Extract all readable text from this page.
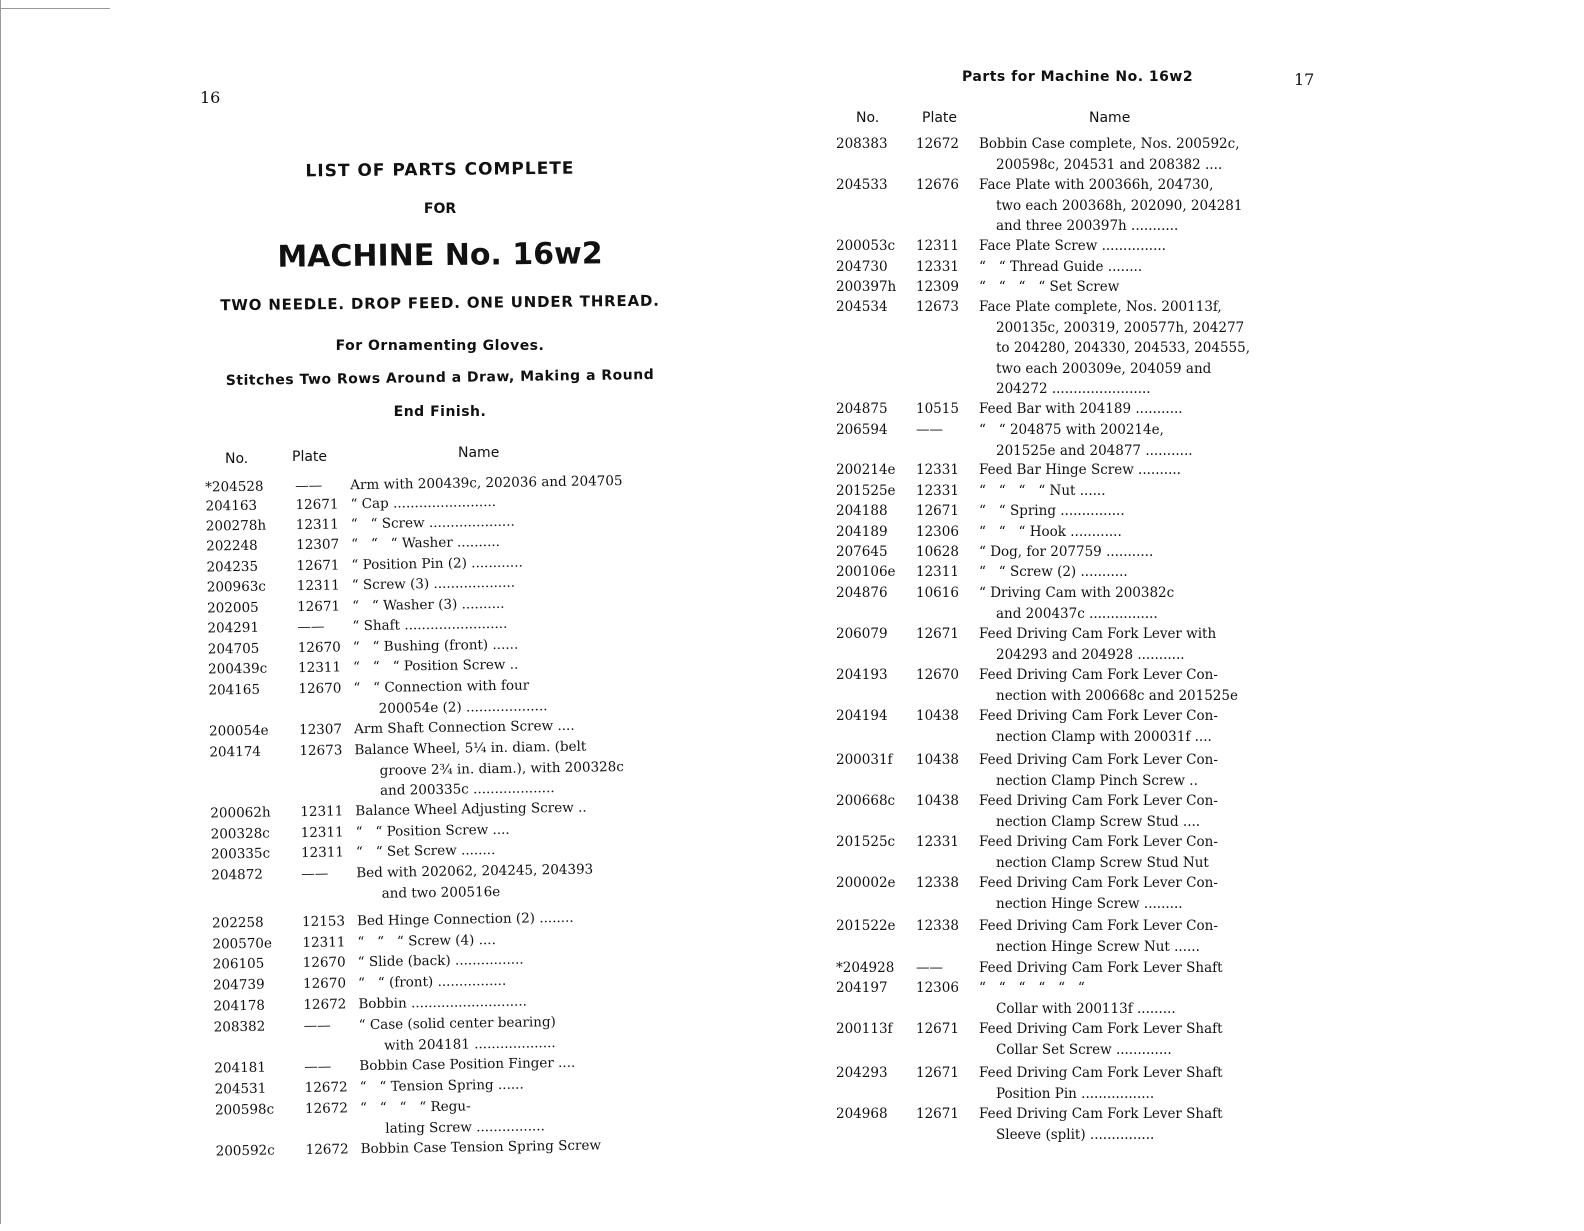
16
LIST OF PARTS COMPLETE
FOR
MACHINE No. 16w2
TWO NEEDLE. DROP FEED. ONE UNDER THREAD.
For Ornamenting Gloves.
Stitches Two Rows Around a Draw, Making a Round
End Finish.
No.	Plate	Name
*204528 —— Arm with 200439c, 202036 and 204705
204163	12671 “ Cap ........................
200278h 12311 “   “ Screw ....................
202248	12307 “   “   “ Washer ..........
204235	12671 “ Position Pin (2) ............
200963c 12311 “ Screw (3) ...................
202005	12671 “   “ Washer (3) ..........
204291	—— “ Shaft ........................
204705	12670 “   “ Bushing (front) ......
200439c 12311 “   “   “ Position Screw ..
204165	12670 “   “ Connection with four
200054e (2) ...................
200054e 12307 Arm Shaft Connection Screw ....
204174	12673 Balance Wheel, 5¼ in. diam. (belt
groove 2¾ in. diam.), with 200328c
and 200335c ...................
200062h 12311 Balance Wheel Adjusting Screw ..
200328c 12311 “   “ Position Screw ....
200335c 12311 “   “ Set Screw ........
204872	—— Bed with 202062, 204245, 204393
and two 200516e
202258	12153 Bed Hinge Connection (2) ........
200570e 12311 “   “   “ Screw (4) ....
206105	12670 “ Slide (back) ................
204739	12670 “   “ (front) ................
204178	12672 Bobbin ...........................
208382	—— “ Case (solid center bearing)
with 204181 ...................
204181	—— Bobbin Case Position Finger ....
204531	12672 “   “ Tension Spring ......
200598c 12672 “   “   “   “ Regu-
lating Screw ................
200592c 12672 Bobbin Case Tension Spring Screw
Parts for Machine No. 16w2	17
No.	Plate	Name
208383 12672 Bobbin Case complete, Nos. 200592c,
200598c, 204531 and 208382 ....
204533 12676 Face Plate with 200366h, 204730,
two each 200368h, 202090, 204281
and three 200397h ...........
200053c 12311 Face Plate Screw ...............
204730 12331 “   “ Thread Guide ........
200397h 12309 “   “   “   “ Set Screw
204534 12673 Face Plate complete, Nos. 200113f,
200135c, 200319, 200577h, 204277
to 204280, 204330, 204533, 204555,
two each 200309e, 204059 and
204272 .......................
204875 10515 Feed Bar with 204189 ...........
206594 ——	“   “ 204875 with 200214e,
201525e and 204877 ...........
200214e 12331 Feed Bar Hinge Screw ..........
201525e 12331 “   “   “   “ Nut ......
204188 12671 “   “ Spring ...............
204189 12306 “   “   “ Hook ............
207645 10628 “ Dog, for 207759 ...........
200106e 12311 “   “ Screw (2) ...........
204876 10616 “ Driving Cam with 200382c
and 200437c ................
206079 12671 Feed Driving Cam Fork Lever with
204293 and 204928 ...........
204193 12670 Feed Driving Cam Fork Lever Con-
nection with 200668c and 201525e
204194 10438 Feed Driving Cam Fork Lever Con-
nection Clamp with 200031f ....
200031f 10438 Feed Driving Cam Fork Lever Con-
nection Clamp Pinch Screw ..
200668c 10438 Feed Driving Cam Fork Lever Con-
nection Clamp Screw Stud ....
201525c 12331 Feed Driving Cam Fork Lever Con-
nection Clamp Screw Stud Nut
200002e 12338 Feed Driving Cam Fork Lever Con-
nection Hinge Screw .........
201522e 12338 Feed Driving Cam Fork Lever Con-
nection Hinge Screw Nut ......
*204928 ——	Feed Driving Cam Fork Lever Shaft
204197 12306 “   “   “   “   “   “
Collar with 200113f .........
200113f 12671 Feed Driving Cam Fork Lever Shaft
Collar Set Screw .............
204293 12671 Feed Driving Cam Fork Lever Shaft
Position Pin .................
204968 12671 Feed Driving Cam Fork Lever Shaft
Sleeve (split) ...............
